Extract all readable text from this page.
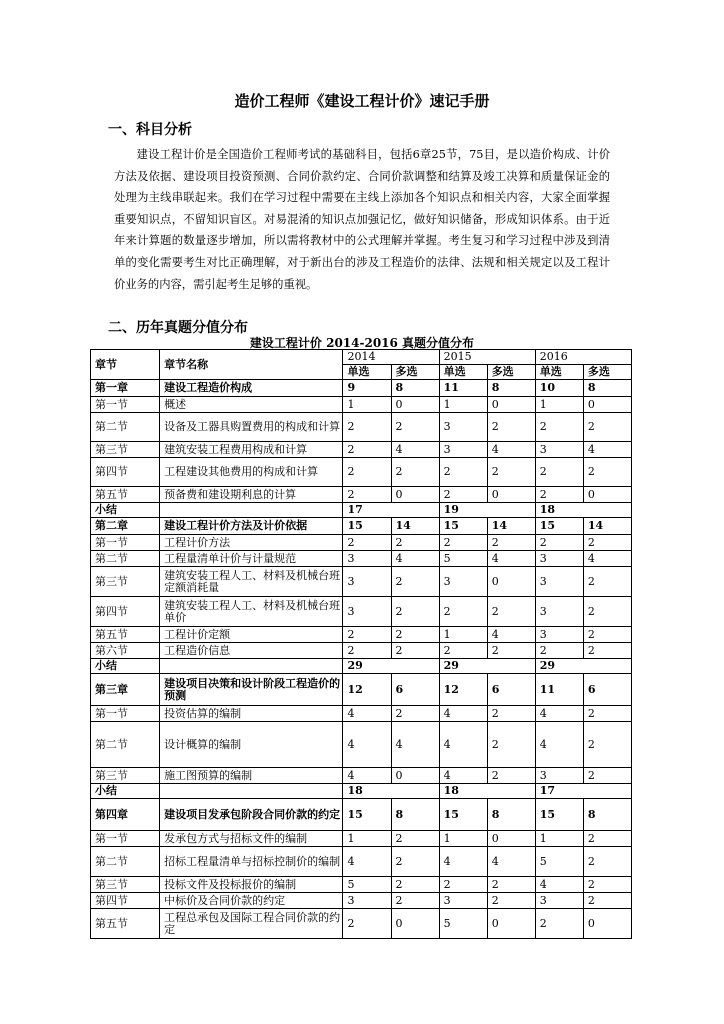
造价工程师《建设工程计价》速记手册
一、科目分析
建设工程计价是全国造价工程师考试的基础科目，包括6章25节，75目，是以造价构成、计价方法及依据、建设项目投资预测、合同价款约定、合同价款调整和结算及竣工决算和质量保证金的处理为主线串联起来。我们在学习过程中需要在主线上添加各个知识点和相关内容，大家全面掌握重要知识点，不留知识盲区。对易混淆的知识点加强记忆，做好知识储备，形成知识体系。由于近年来计算题的数量逐步增加，所以需将教材中的公式理解并掌握。考生复习和学习过程中涉及到清单的变化需要考生对比正确理解，对于新出台的涉及工程造价的法律、法规和相关规定以及工程计价业务的内容，需引起考生足够的重视。
二、历年真题分值分布
建设工程计价 2014-2016 真题分值分布
章节	章节名称	2014		2015		2016	
		单选	多选	单选	多选	单选	多选
第一章	建设工程造价构成	9	8	11	8	10	8
第一节	概述	1	0	1	0	1	0
第二节	设备及工器具购置费用的构成和计算	2	2	3	2	2	2
第三节	建筑安装工程费用构成和计算	2	4	3	4	3	4
第四节	工程建设其他费用的构成和计算	2	2	2	2	2	2
第五节	预备费和建设期利息的计算	2	0	2	0	2	0
小结		17		19		18	
第二章	建设工程计价方法及计价依据	15	14	15	14	15	14
第一节	工程计价方法	2	2	2	2	2	2
第二节	工程量清单计价与计量规范	3	4	5	4	3	4
第三节	建筑安装工程人工、材料及机械台班定额消耗量	3	2	3	0	3	2
第四节	建筑安装工程人工、材料及机械台班单价	3	2	2	2	3	2
第五节	工程计价定额	2	2	1	4	3	2
第六节	工程造价信息	2	2	2	2	2	2
小结		29		29		29	
第三章	建设项目决策和设计阶段工程造价的预测	12	6	12	6	11	6
第一节	投资估算的编制	4	2	4	2	4	2
第二节	设计概算的编制	4	4	4	2	4	2
第三节	施工图预算的编制	4	0	4	2	3	2
小结		18		18		17	
第四章	建设项目发承包阶段合同价款的约定	15	8	15	8	15	8
第一节	发承包方式与招标文件的编制	1	2	1	0	1	2
第二节	招标工程量清单与招标控制价的编制	4	2	4	4	5	2
第三节	投标文件及投标报价的编制	5	2	2	2	4	2
第四节	中标价及合同价款的约定	3	2	3	2	3	2
第五节	工程总承包及国际工程合同价款的约定	2	0	5	0	2	0
